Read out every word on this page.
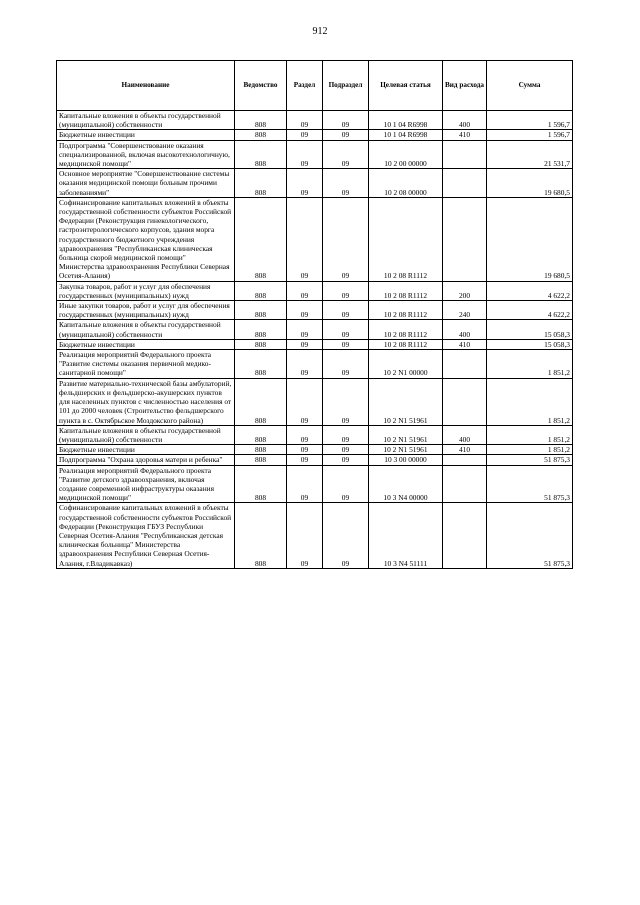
912
Наименование	Ведомство	Раздел	Подраздел	Целевая статья	Вид расхода	Сумма
Капитальные вложения в объекты государственной (муниципальной) собственности	808	09	09	10 1 04 R6998	400	1 596,7
Бюджетные инвестиции	808	09	09	10 1 04 R6998	410	1 596,7
Подпрограмма "Совершенствование оказания специализированной, включая высокотехнологичную, медицинской помощи"	808	09	09	10 2 00 00000		21 531,7
Основное мероприятие "Совершенствование системы оказания медицинской помощи больным прочими заболеваниями"	808	09	09	10 2 08 00000		19 680,5
Софинансирование капитальных вложений в объекты государственной собственности субъектов Российской Федерации (Реконструкция гинекологического, гастроэнтерологического корпусов, здания морга государственного бюджетного учреждения здравоохранения "Республиканская клиническая больница скорой медицинской помощи" Министерства здравоохранения Республики Северная Осетия-Алания)	808	09	09	10 2 08 R1112		19 680,5
Закупка товаров, работ и услуг для обеспечения государственных (муниципальных) нужд	808	09	09	10 2 08 R1112	200	4 622,2
Иные закупки товаров, работ и услуг для обеспечения государственных (муниципальных) нужд	808	09	09	10 2 08 R1112	240	4 622,2
Капитальные вложения в объекты государственной (муниципальной) собственности	808	09	09	10 2 08 R1112	400	15 058,3
Бюджетные инвестиции	808	09	09	10 2 08 R1112	410	15 058,3
Реализация мероприятий Федерального проекта "Развитие системы оказания первичной медико-санитарной помощи"	808	09	09	10 2 N1 00000		1 851,2
Развитие материально-технической базы амбулаторий, фельдшерских и фельдшерско-акушерских пунктов для населенных пунктов с численностью населения от 101 до 2000 человек (Строительство фельдшерского пункта в с. Октябрьское Моздокского района)	808	09	09	10 2 N1 51961		1 851,2
Капитальные вложения в объекты государственной (муниципальной) собственности	808	09	09	10 2 N1 51961	400	1 851,2
Бюджетные инвестиции	808	09	09	10 2 N1 51961	410	1 851,2
Подпрограмма "Охрана здоровья матери и ребенка"	808	09	09	10 3 00 00000		51 875,3
Реализация мероприятий Федерального проекта "Развитие детского здравоохранения, включая создание современной инфраструктуры оказания медицинской помощи"	808	09	09	10 3 N4 00000		51 875,3
Софинансирование капитальных вложений в объекты государственной собственности субъектов Российской Федерации (Реконструкция ГБУЗ Республики Северная Осетия-Алания "Республиканская детская клиническая больница" Министерства здравоохранения Республики Северная Осетия-Алания, г.Владикавказ)	808	09	09	10 3 N4 51111		51 875,3
